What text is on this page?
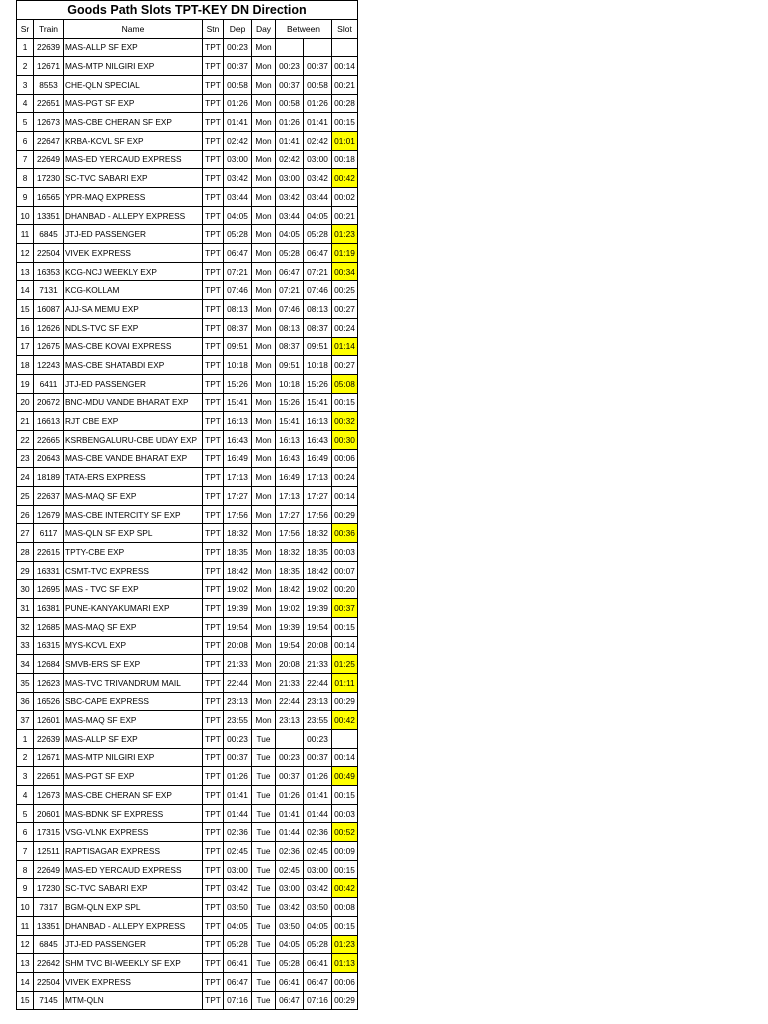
Goods Path Slots TPT-KEY DN Direction								
Sr	Train	Name	Stn	Dep	Day	Between		Slot
1	22639	MAS-ALLP SF EXP	TPT	00:23	Mon			
2	12671	MAS-MTP NILGIRI EXP	TPT	00:37	Mon	00:23	00:37	00:14
3	8553	CHE-QLN SPECIAL	TPT	00:58	Mon	00:37	00:58	00:21
4	22651	MAS-PGT SF EXP	TPT	01:26	Mon	00:58	01:26	00:28
5	12673	MAS-CBE CHERAN SF EXP	TPT	01:41	Mon	01:26	01:41	00:15
6	22647	KRBA-KCVL SF EXP	TPT	02:42	Mon	01:41	02:42	01:01
7	22649	MAS-ED YERCAUD EXPRESS	TPT	03:00	Mon	02:42	03:00	00:18
8	17230	SC-TVC SABARI EXP	TPT	03:42	Mon	03:00	03:42	00:42
9	16565	YPR-MAQ EXPRESS	TPT	03:44	Mon	03:42	03:44	00:02
10	13351	DHANBAD - ALLEPY EXPRESS	TPT	04:05	Mon	03:44	04:05	00:21
11	6845	JTJ-ED PASSENGER	TPT	05:28	Mon	04:05	05:28	01:23
12	22504	VIVEK EXPRESS	TPT	06:47	Mon	05:28	06:47	01:19
13	16353	KCG-NCJ WEEKLY EXP	TPT	07:21	Mon	06:47	07:21	00:34
14	7131	KCG-KOLLAM	TPT	07:46	Mon	07:21	07:46	00:25
15	16087	AJJ-SA MEMU EXP	TPT	08:13	Mon	07:46	08:13	00:27
16	12626	NDLS-TVC SF EXP	TPT	08:37	Mon	08:13	08:37	00:24
17	12675	MAS-CBE KOVAI EXPRESS	TPT	09:51	Mon	08:37	09:51	01:14
18	12243	MAS-CBE SHATABDI EXP	TPT	10:18	Mon	09:51	10:18	00:27
19	6411	JTJ-ED PASSENGER	TPT	15:26	Mon	10:18	15:26	05:08
20	20672	BNC-MDU VANDE BHARAT EXP	TPT	15:41	Mon	15:26	15:41	00:15
21	16613	RJT CBE EXP	TPT	16:13	Mon	15:41	16:13	00:32
22	22665	KSRBENGALURU-CBE UDAY EXP	TPT	16:43	Mon	16:13	16:43	00:30
23	20643	MAS-CBE VANDE BHARAT EXP	TPT	16:49	Mon	16:43	16:49	00:06
24	18189	TATA-ERS EXPRESS	TPT	17:13	Mon	16:49	17:13	00:24
25	22637	MAS-MAQ SF EXP	TPT	17:27	Mon	17:13	17:27	00:14
26	12679	MAS-CBE INTERCITY SF EXP	TPT	17:56	Mon	17:27	17:56	00:29
27	6117	MAS-QLN SF EXP SPL	TPT	18:32	Mon	17:56	18:32	00:36
28	22615	TPTY-CBE EXP	TPT	18:35	Mon	18:32	18:35	00:03
29	16331	CSMT-TVC EXPRESS	TPT	18:42	Mon	18:35	18:42	00:07
30	12695	MAS - TVC SF EXP	TPT	19:02	Mon	18:42	19:02	00:20
31	16381	PUNE-KANYAKUMARI EXP	TPT	19:39	Mon	19:02	19:39	00:37
32	12685	MAS-MAQ SF EXP	TPT	19:54	Mon	19:39	19:54	00:15
33	16315	MYS-KCVL EXP	TPT	20:08	Mon	19:54	20:08	00:14
34	12684	SMVB-ERS SF EXP	TPT	21:33	Mon	20:08	21:33	01:25
35	12623	MAS-TVC TRIVANDRUM MAIL	TPT	22:44	Mon	21:33	22:44	01:11
36	16526	SBC-CAPE EXPRESS	TPT	23:13	Mon	22:44	23:13	00:29
37	12601	MAS-MAQ SF EXP	TPT	23:55	Mon	23:13	23:55	00:42
1	22639	MAS-ALLP SF EXP	TPT	00:23	Tue		00:23	
2	12671	MAS-MTP NILGIRI EXP	TPT	00:37	Tue	00:23	00:37	00:14
3	22651	MAS-PGT SF EXP	TPT	01:26	Tue	00:37	01:26	00:49
4	12673	MAS-CBE CHERAN SF EXP	TPT	01:41	Tue	01:26	01:41	00:15
5	20601	MAS-BDNK SF EXPRESS	TPT	01:44	Tue	01:41	01:44	00:03
6	17315	VSG-VLNK EXPRESS	TPT	02:36	Tue	01:44	02:36	00:52
7	12511	RAPTISAGAR EXPRESS	TPT	02:45	Tue	02:36	02:45	00:09
8	22649	MAS-ED YERCAUD EXPRESS	TPT	03:00	Tue	02:45	03:00	00:15
9	17230	SC-TVC SABARI EXP	TPT	03:42	Tue	03:00	03:42	00:42
10	7317	BGM-QLN EXP SPL	TPT	03:50	Tue	03:42	03:50	00:08
11	13351	DHANBAD - ALLEPY EXPRESS	TPT	04:05	Tue	03:50	04:05	00:15
12	6845	JTJ-ED PASSENGER	TPT	05:28	Tue	04:05	05:28	01:23
13	22642	SHM TVC BI-WEEKLY SF EXP	TPT	06:41	Tue	05:28	06:41	01:13
14	22504	VIVEK EXPRESS	TPT	06:47	Tue	06:41	06:47	00:06
15	7145	MTM-QLN	TPT	07:16	Tue	06:47	07:16	00:29
